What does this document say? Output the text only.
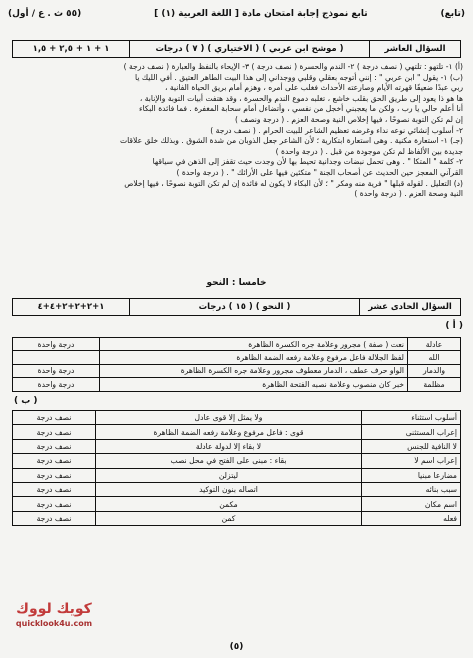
(تابع)
تابع نموذج إجابة امتحان مادة [ اللغة العربية (١) ]
(٥٥ ث . ع / أول)
السؤال العاشر
( موشح ابن عربي ) ( الاختياري ) ( ٧ ) درجات
١ + ١ + ٢,٥ + ١,٥

(أ) ١- تلتهو : تلتهي ( نصف درجة ) ٢- الندم والحسرة ( نصف درجة ) ٣- الإيحاء بالنفظ والعبارة ( نصف درجة )

(ب) ١- يقول " ابن عربي " : إنني أتوجه بعقلي وقلبي ووجداني إلى هذا البيت الطاهر العتيق . أفي الليك يا

ربي عبدًا ضعيفًا قهرته الأيام وصارعته الأحداث فغلب على أمره ، وهزم أمام بريق الحياة الفانية ،

ها هو ذا يعود إلى طريق الحق بقلب خاشع ، تغلبه دموع الندم والحسرة ، وقد هتفت أبيات التوبة والإنابة ،

أنا أعلم حالي يا رب ، ولكن ما يعجبني أخجل من نفسي ، وأتضاءل أمام سحابة المغفرة . فما فائدة البكاء

إن لم تكن التوبة نصوحًا ، فيها إخلاص النية وصحة العزم . ( درجة ونصف )

٢- أسلوب إنشائي نوعه نداء وغرضه تعظيم الشاعر للبيت الحرام . ( نصف درجة )

(جـ) ١- استعارة مكنية . وهى استعارة ابتكارية ؛ لأن الشاعر جعل الذوبان من شدة الشوق . وبذلك خلق علاقات

جديدة بين الألفاظ لم تكن موجودة من قبل . ( درجة واحدة )

٢- كلمة " المتكا " . وهى تحمل نبضات وجدانية تحيط بها لأن وجدت حيث تقفز إلى الذهن في سياقها

القرآني المعجز حين الحديث عن أصحاب الجنة " متكئين فيها على الأرائك " . ( درجة واحدة )

(د) التعليل . لقوله قبلها " فرية منه ومكر " ؛ لأن البكاء لا يكون له فائدة إن لم تكن التوبة نصوحًا ، فيها إخلاص

النية وصحة العزم . ( درجة واحدة )

خامسا : النحو
السؤال الحادى عشر
( النحو ) ( ١٥ ) درجات
١+٢+٢+٢+٤+٤
( أ )
عادلة	نعت ( صفة ) مجرور وعلامة جره الكسرة الظاهرة	درجة واحدة
الله	لفظ الجلالة فاعل مرفوع وعلامة رفعه الضمة الظاهرة	
والدمار	الواو حرف عطف ، الدمار معطوف مجرور وعلامة جره الكسرة الظاهرة	درجة واحدة
مظلمة	خبر كان منصوب وعلامة نصبه الفتحة الظاهرة	درجة واحدة
( ب )
أسلوب استثناء	ولا يمثل إلا قوى عادل	نصف درجة
إعراب المستثنى	قوى : فاعل مرفوع وعلامة رفعه الضمة الظاهرة	نصف درجة
لا النافية للجنس	لا بقاء إلا لدولة عادلة	نصف درجة
إعراب اسم لا	بقاء : مبنى على الفتح في محل نصب	نصف درجة
مضارعا مبنيا	ليتزلن	نصف درجة
سبب بنائه	اتصاله بنون التوكيد	نصف درجة
اسم مكان	مكمن	نصف درجة
فعله	كمن	نصف درجة
كويك لووك
quicklook4u.com
(٥)
